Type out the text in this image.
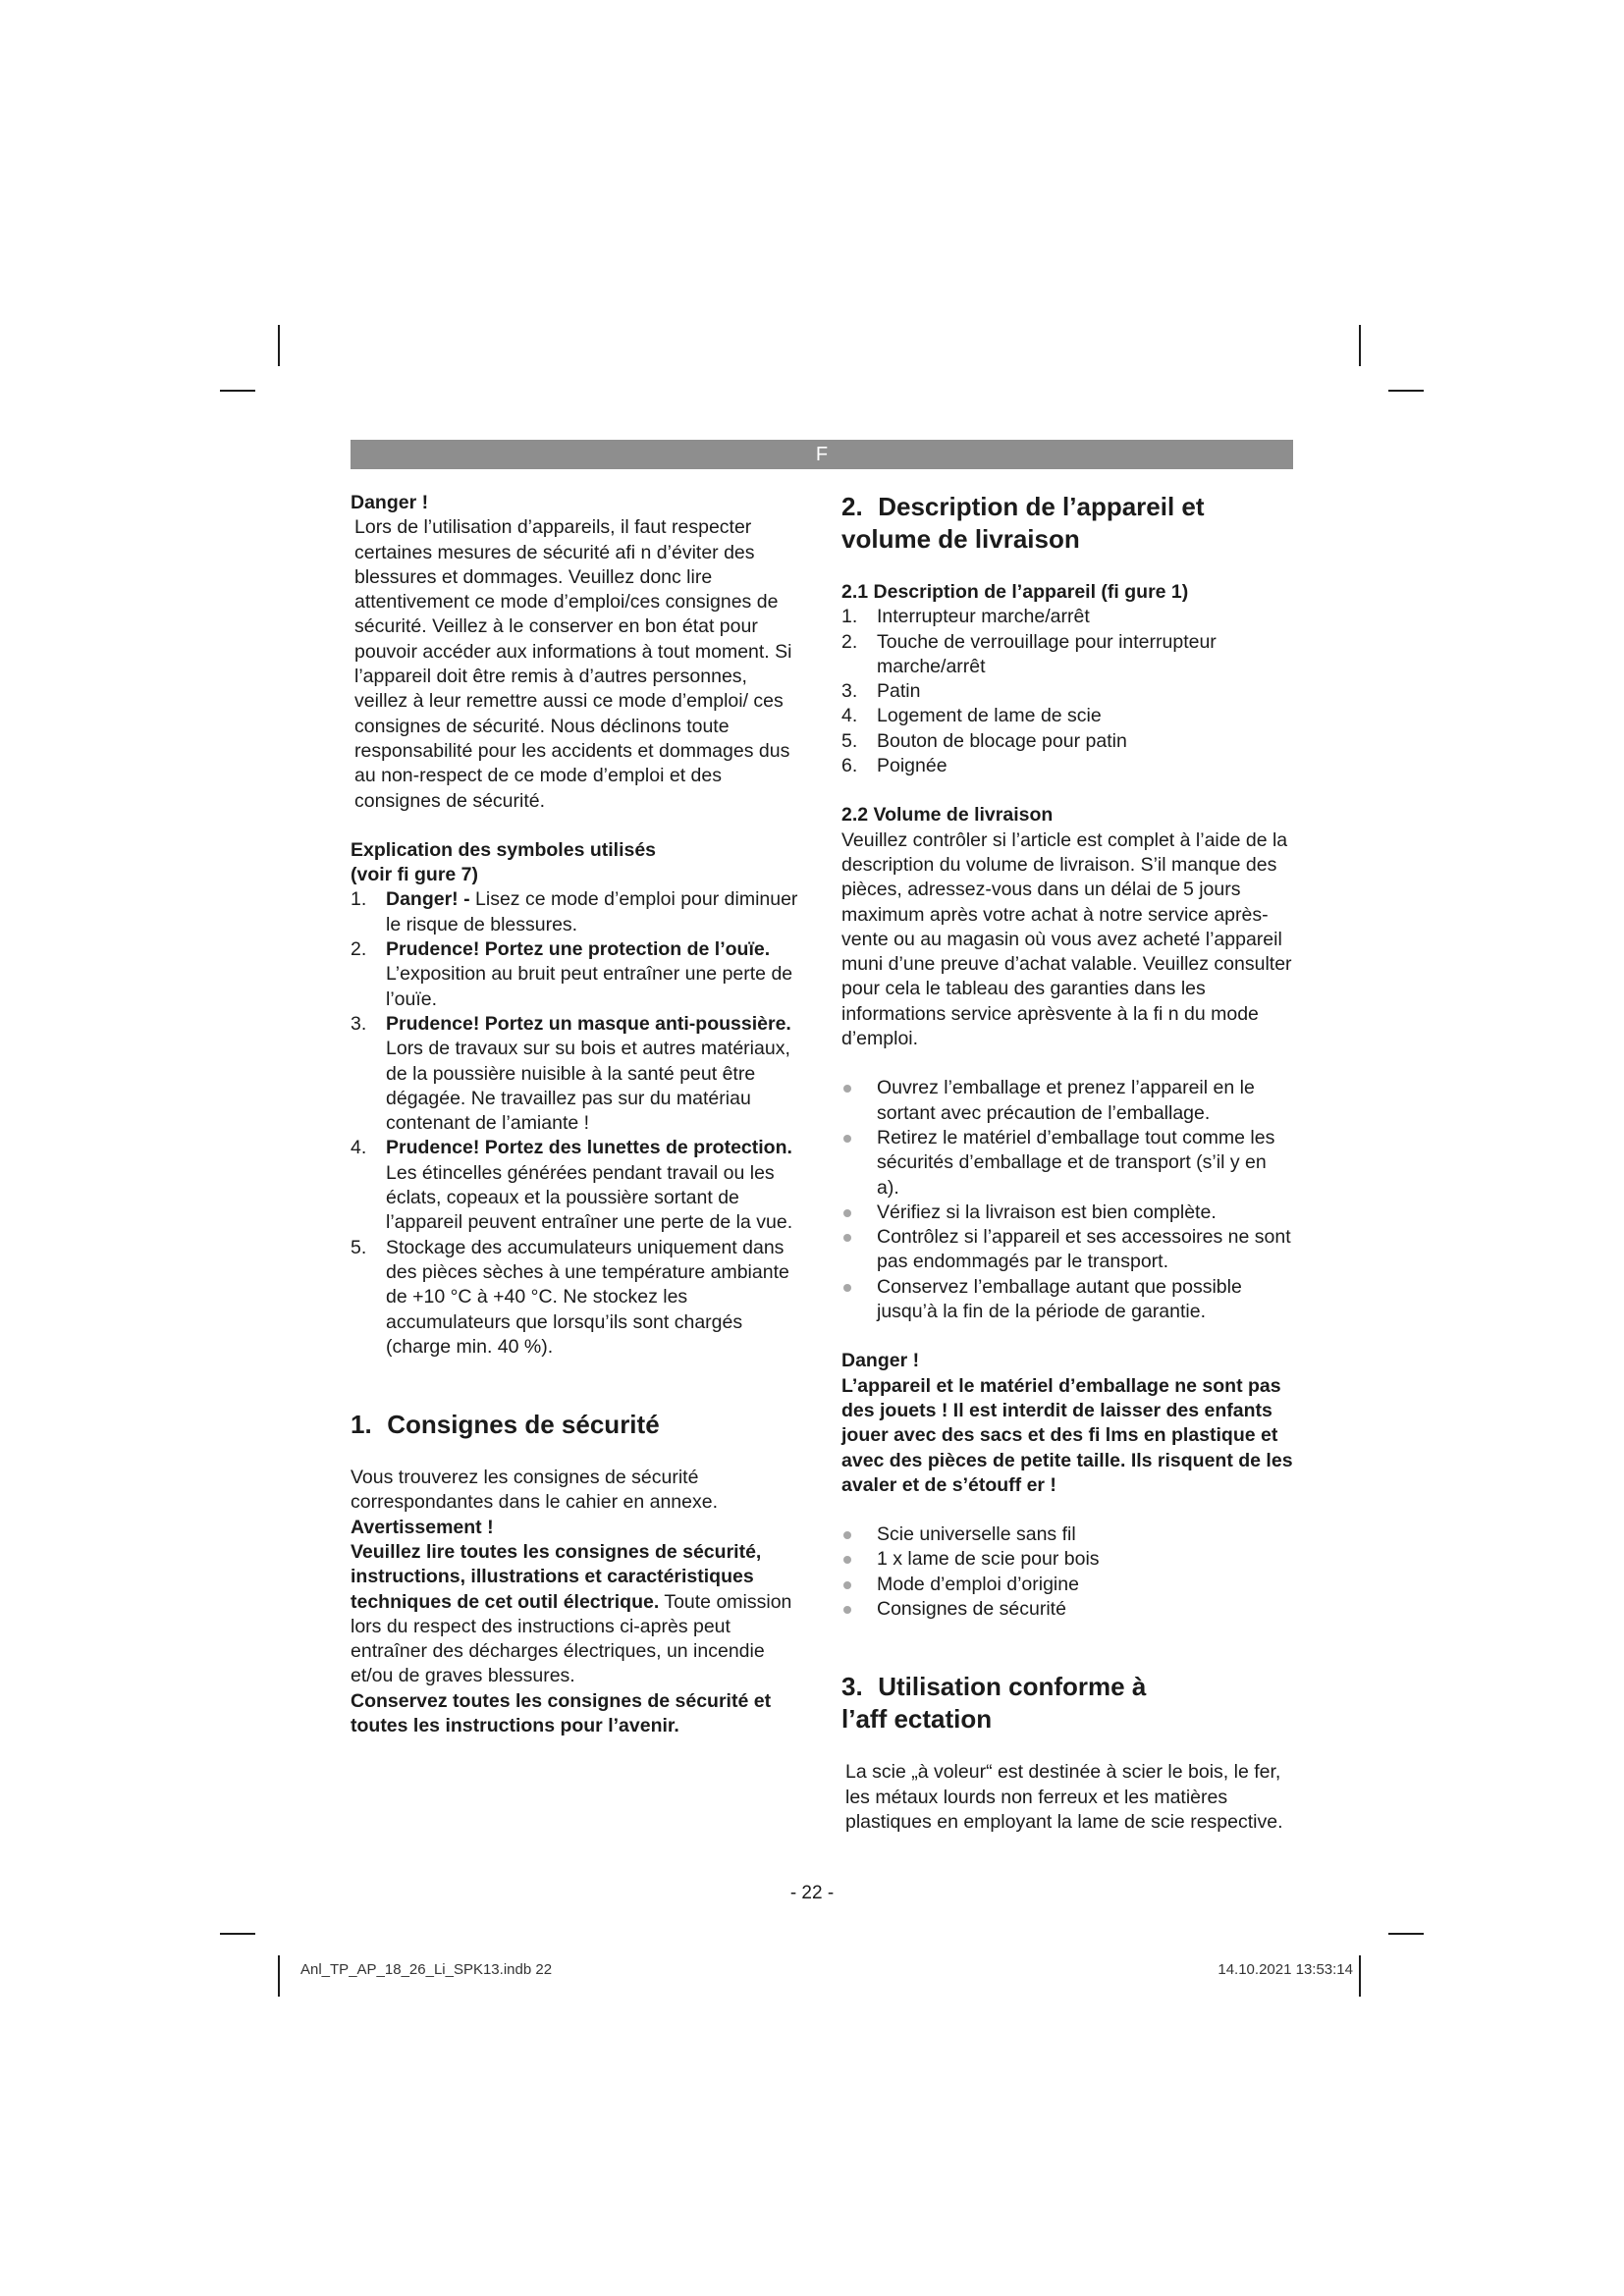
F

Danger !

Lors de l’utilisation d’appareils, il faut respecter certaines mesures de sécurité afi n d’éviter des blessures et dommages. Veuillez donc lire attentivement ce mode d’emploi/ces consignes de sécurité. Veillez à le conserver en bon état pour pouvoir accéder aux informations à tout moment. Si l’appareil doit être remis à d’autres personnes, veillez à leur remettre aussi ce mode d’emploi/ ces consignes de sécurité. Nous déclinons toute responsabilité pour les accidents et dommages dus au non-respect de ce mode d’emploi et des consignes de sécurité.

Explication des symboles utilisés

(voir fi gure 7)

1. Danger! - Lisez ce mode d’emploi pour diminuer le risque de blessures.
2. Prudence! Portez une protection de l’ouïe. L’exposition au bruit peut entraîner une perte de l’ouïe.
3. Prudence! Portez un masque anti-poussière. Lors de travaux sur su bois et autres matériaux, de la poussière nuisible à la santé peut être dégagée. Ne travaillez pas sur du matériau contenant de l’amiante !
4. Prudence! Portez des lunettes de protection. Les étincelles générées pendant travail ou les éclats, copeaux et la poussière sortant de l’appareil peuvent entraîner une perte de la vue.
5. Stockage des accumulateurs uniquement dans des pièces sèches à une température ambiante de +10 °C à +40 °C. Ne stockez les accumulateurs que lorsqu’ils sont chargés (charge min. 40 %).

1. Consignes de sécurité

Vous trouverez les consignes de sécurité correspondantes dans le cahier en annexe.

Avertissement !

Veuillez lire toutes les consignes de sécurité, instructions, illustrations et caractéristiques techniques de cet outil électrique. Toute omission lors du respect des instructions ci-après peut entraîner des décharges électriques, un incendie et/ou de graves blessures.

Conservez toutes les consignes de sécurité et toutes les instructions pour l’avenir.

2. Description de l’appareil et

volume de livraison

2.1 Description de l’appareil (fi gure 1)

1. Interrupteur marche/arrêt
2. Touche de verrouillage pour interrupteur marche/arrêt
3. Patin
4. Logement de lame de scie
5. Bouton de blocage pour patin
6. Poignée

2.2 Volume de livraison

Veuillez contrôler si l’article est complet à l’aide de la description du volume de livraison. S’il manque des pièces, adressez-vous dans un délai de 5 jours maximum après votre achat à notre service après-vente ou au magasin où vous avez acheté l’appareil muni d’une preuve d’achat valable. Veuillez consulter pour cela le tableau des garanties dans les informations service aprèsvente à la fi n du mode d’emploi.

Ouvrez l’emballage et prenez l’appareil en le sortant avec précaution de l’emballage.
Retirez le matériel d’emballage tout comme les sécurités d’emballage et de transport (s’il y en a).
Vérifiez si la livraison est bien complète.
Contrôlez si l’appareil et ses accessoires ne sont pas endommagés par le transport.
Conservez l’emballage autant que possible jusqu’à la fin de la période de garantie.

Danger !

L’appareil et le matériel d’emballage ne sont pas des jouets ! Il est interdit de laisser des enfants jouer avec des sacs et des fi lms en plastique et avec des pièces de petite taille. Ils risquent de les avaler et de s’étouff er !

Scie universelle sans fil
1 x lame de scie pour bois
Mode d’emploi d’origine
Consignes de sécurité

3. Utilisation conforme à

l’aff ectation

La scie „à voleur“ est destinée à scier le bois, le fer, les métaux lourds non ferreux et les matières plastiques en employant la lame de scie respective.

- 22 -
Anl_TP_AP_18_26_Li_SPK13.indb 22	14.10.2021 13:53:14
